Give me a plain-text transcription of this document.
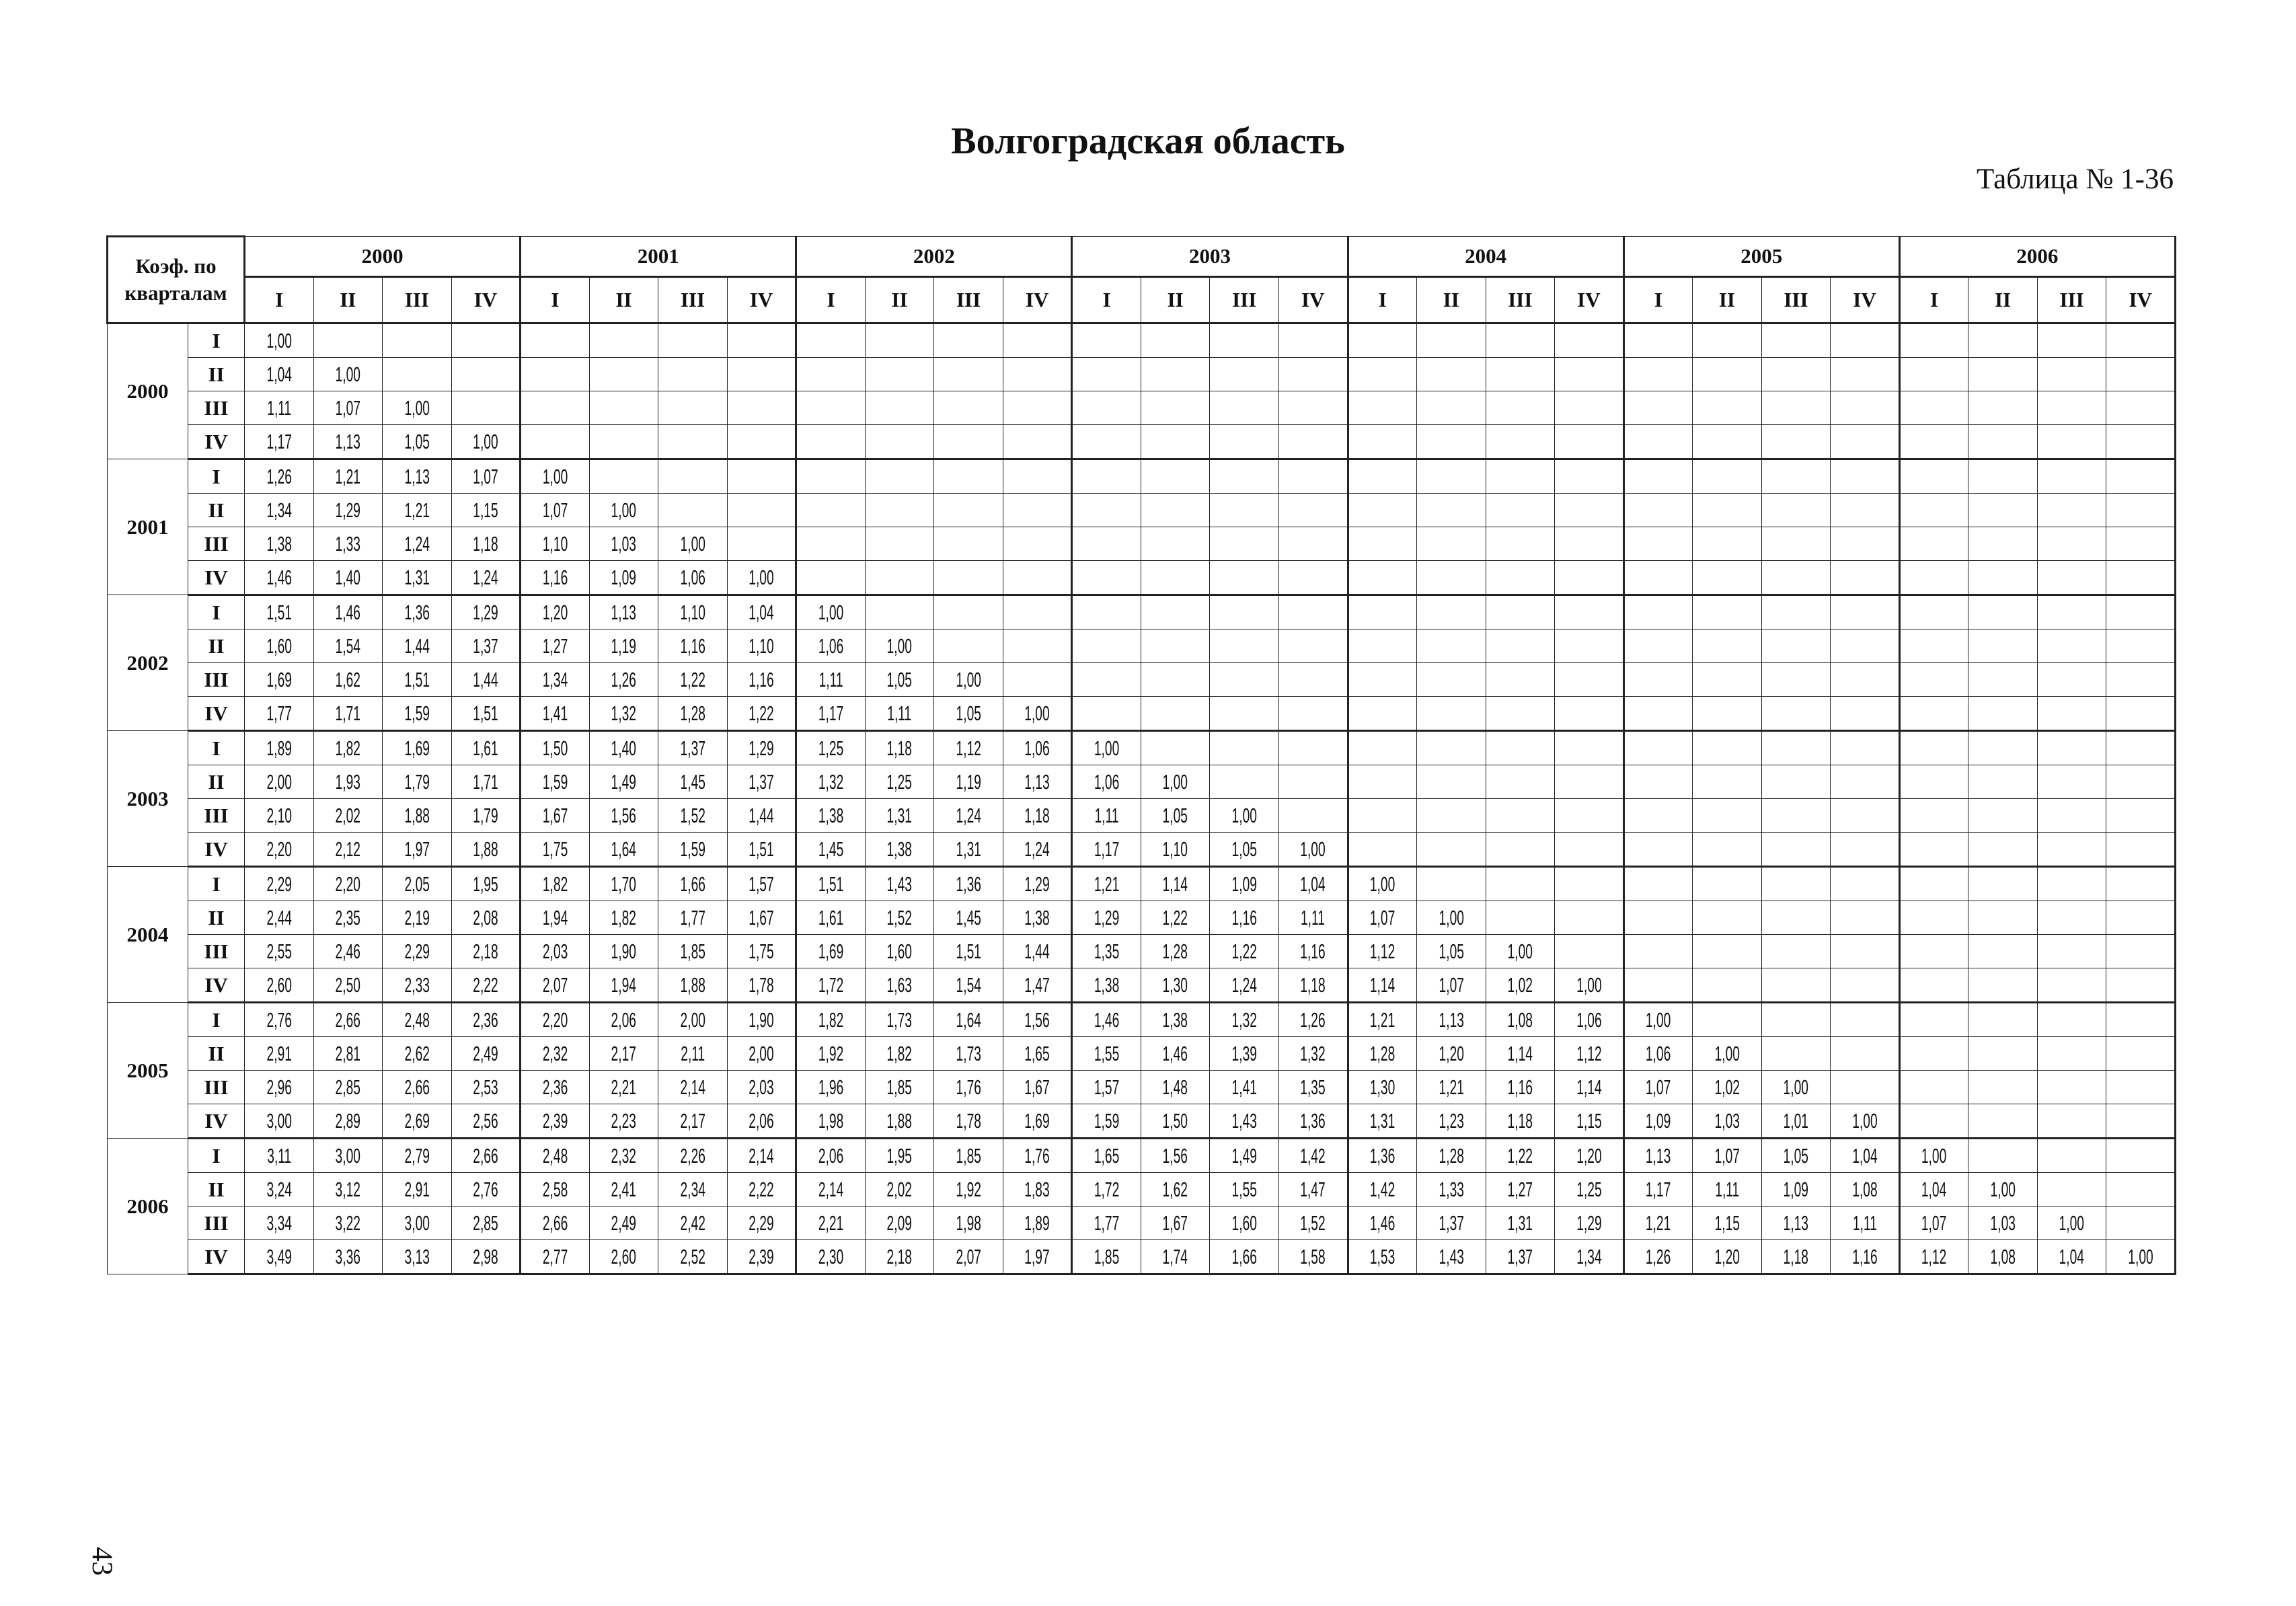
Волгоградская область
Таблица № 1-36
Коэф. по кварталам		2000				2001				2002				2003				2004				2005				2006			
		I	II	III	IV	I	II	III	IV	I	II	III	IV	I	II	III	IV	I	II	III	IV	I	II	III	IV	I	II	III	IV
2000	I	1,00																											
	II	1,04	1,00																										
	III	1,11	1,07	1,00																									
	IV	1,17	1,13	1,05	1,00																								
2001	I	1,26	1,21	1,13	1,07	1,00																							
	II	1,34	1,29	1,21	1,15	1,07	1,00																						
	III	1,38	1,33	1,24	1,18	1,10	1,03	1,00																					
	IV	1,46	1,40	1,31	1,24	1,16	1,09	1,06	1,00																				
2002	I	1,51	1,46	1,36	1,29	1,20	1,13	1,10	1,04	1,00																			
	II	1,60	1,54	1,44	1,37	1,27	1,19	1,16	1,10	1,06	1,00																		
	III	1,69	1,62	1,51	1,44	1,34	1,26	1,22	1,16	1,11	1,05	1,00																	
	IV	1,77	1,71	1,59	1,51	1,41	1,32	1,28	1,22	1,17	1,11	1,05	1,00																
2003	I	1,89	1,82	1,69	1,61	1,50	1,40	1,37	1,29	1,25	1,18	1,12	1,06	1,00															
	II	2,00	1,93	1,79	1,71	1,59	1,49	1,45	1,37	1,32	1,25	1,19	1,13	1,06	1,00														
	III	2,10	2,02	1,88	1,79	1,67	1,56	1,52	1,44	1,38	1,31	1,24	1,18	1,11	1,05	1,00													
	IV	2,20	2,12	1,97	1,88	1,75	1,64	1,59	1,51	1,45	1,38	1,31	1,24	1,17	1,10	1,05	1,00												
2004	I	2,29	2,20	2,05	1,95	1,82	1,70	1,66	1,57	1,51	1,43	1,36	1,29	1,21	1,14	1,09	1,04	1,00											
	II	2,44	2,35	2,19	2,08	1,94	1,82	1,77	1,67	1,61	1,52	1,45	1,38	1,29	1,22	1,16	1,11	1,07	1,00										
	III	2,55	2,46	2,29	2,18	2,03	1,90	1,85	1,75	1,69	1,60	1,51	1,44	1,35	1,28	1,22	1,16	1,12	1,05	1,00									
	IV	2,60	2,50	2,33	2,22	2,07	1,94	1,88	1,78	1,72	1,63	1,54	1,47	1,38	1,30	1,24	1,18	1,14	1,07	1,02	1,00								
2005	I	2,76	2,66	2,48	2,36	2,20	2,06	2,00	1,90	1,82	1,73	1,64	1,56	1,46	1,38	1,32	1,26	1,21	1,13	1,08	1,06	1,00							
	II	2,91	2,81	2,62	2,49	2,32	2,17	2,11	2,00	1,92	1,82	1,73	1,65	1,55	1,46	1,39	1,32	1,28	1,20	1,14	1,12	1,06	1,00						
	III	2,96	2,85	2,66	2,53	2,36	2,21	2,14	2,03	1,96	1,85	1,76	1,67	1,57	1,48	1,41	1,35	1,30	1,21	1,16	1,14	1,07	1,02	1,00					
	IV	3,00	2,89	2,69	2,56	2,39	2,23	2,17	2,06	1,98	1,88	1,78	1,69	1,59	1,50	1,43	1,36	1,31	1,23	1,18	1,15	1,09	1,03	1,01	1,00				
2006	I	3,11	3,00	2,79	2,66	2,48	2,32	2,26	2,14	2,06	1,95	1,85	1,76	1,65	1,56	1,49	1,42	1,36	1,28	1,22	1,20	1,13	1,07	1,05	1,04	1,00			
	II	3,24	3,12	2,91	2,76	2,58	2,41	2,34	2,22	2,14	2,02	1,92	1,83	1,72	1,62	1,55	1,47	1,42	1,33	1,27	1,25	1,17	1,11	1,09	1,08	1,04	1,00		
	III	3,34	3,22	3,00	2,85	2,66	2,49	2,42	2,29	2,21	2,09	1,98	1,89	1,77	1,67	1,60	1,52	1,46	1,37	1,31	1,29	1,21	1,15	1,13	1,11	1,07	1,03	1,00	
	IV	3,49	3,36	3,13	2,98	2,77	2,60	2,52	2,39	2,30	2,18	2,07	1,97	1,85	1,74	1,66	1,58	1,53	1,43	1,37	1,34	1,26	1,20	1,18	1,16	1,12	1,08	1,04	1,00
43
